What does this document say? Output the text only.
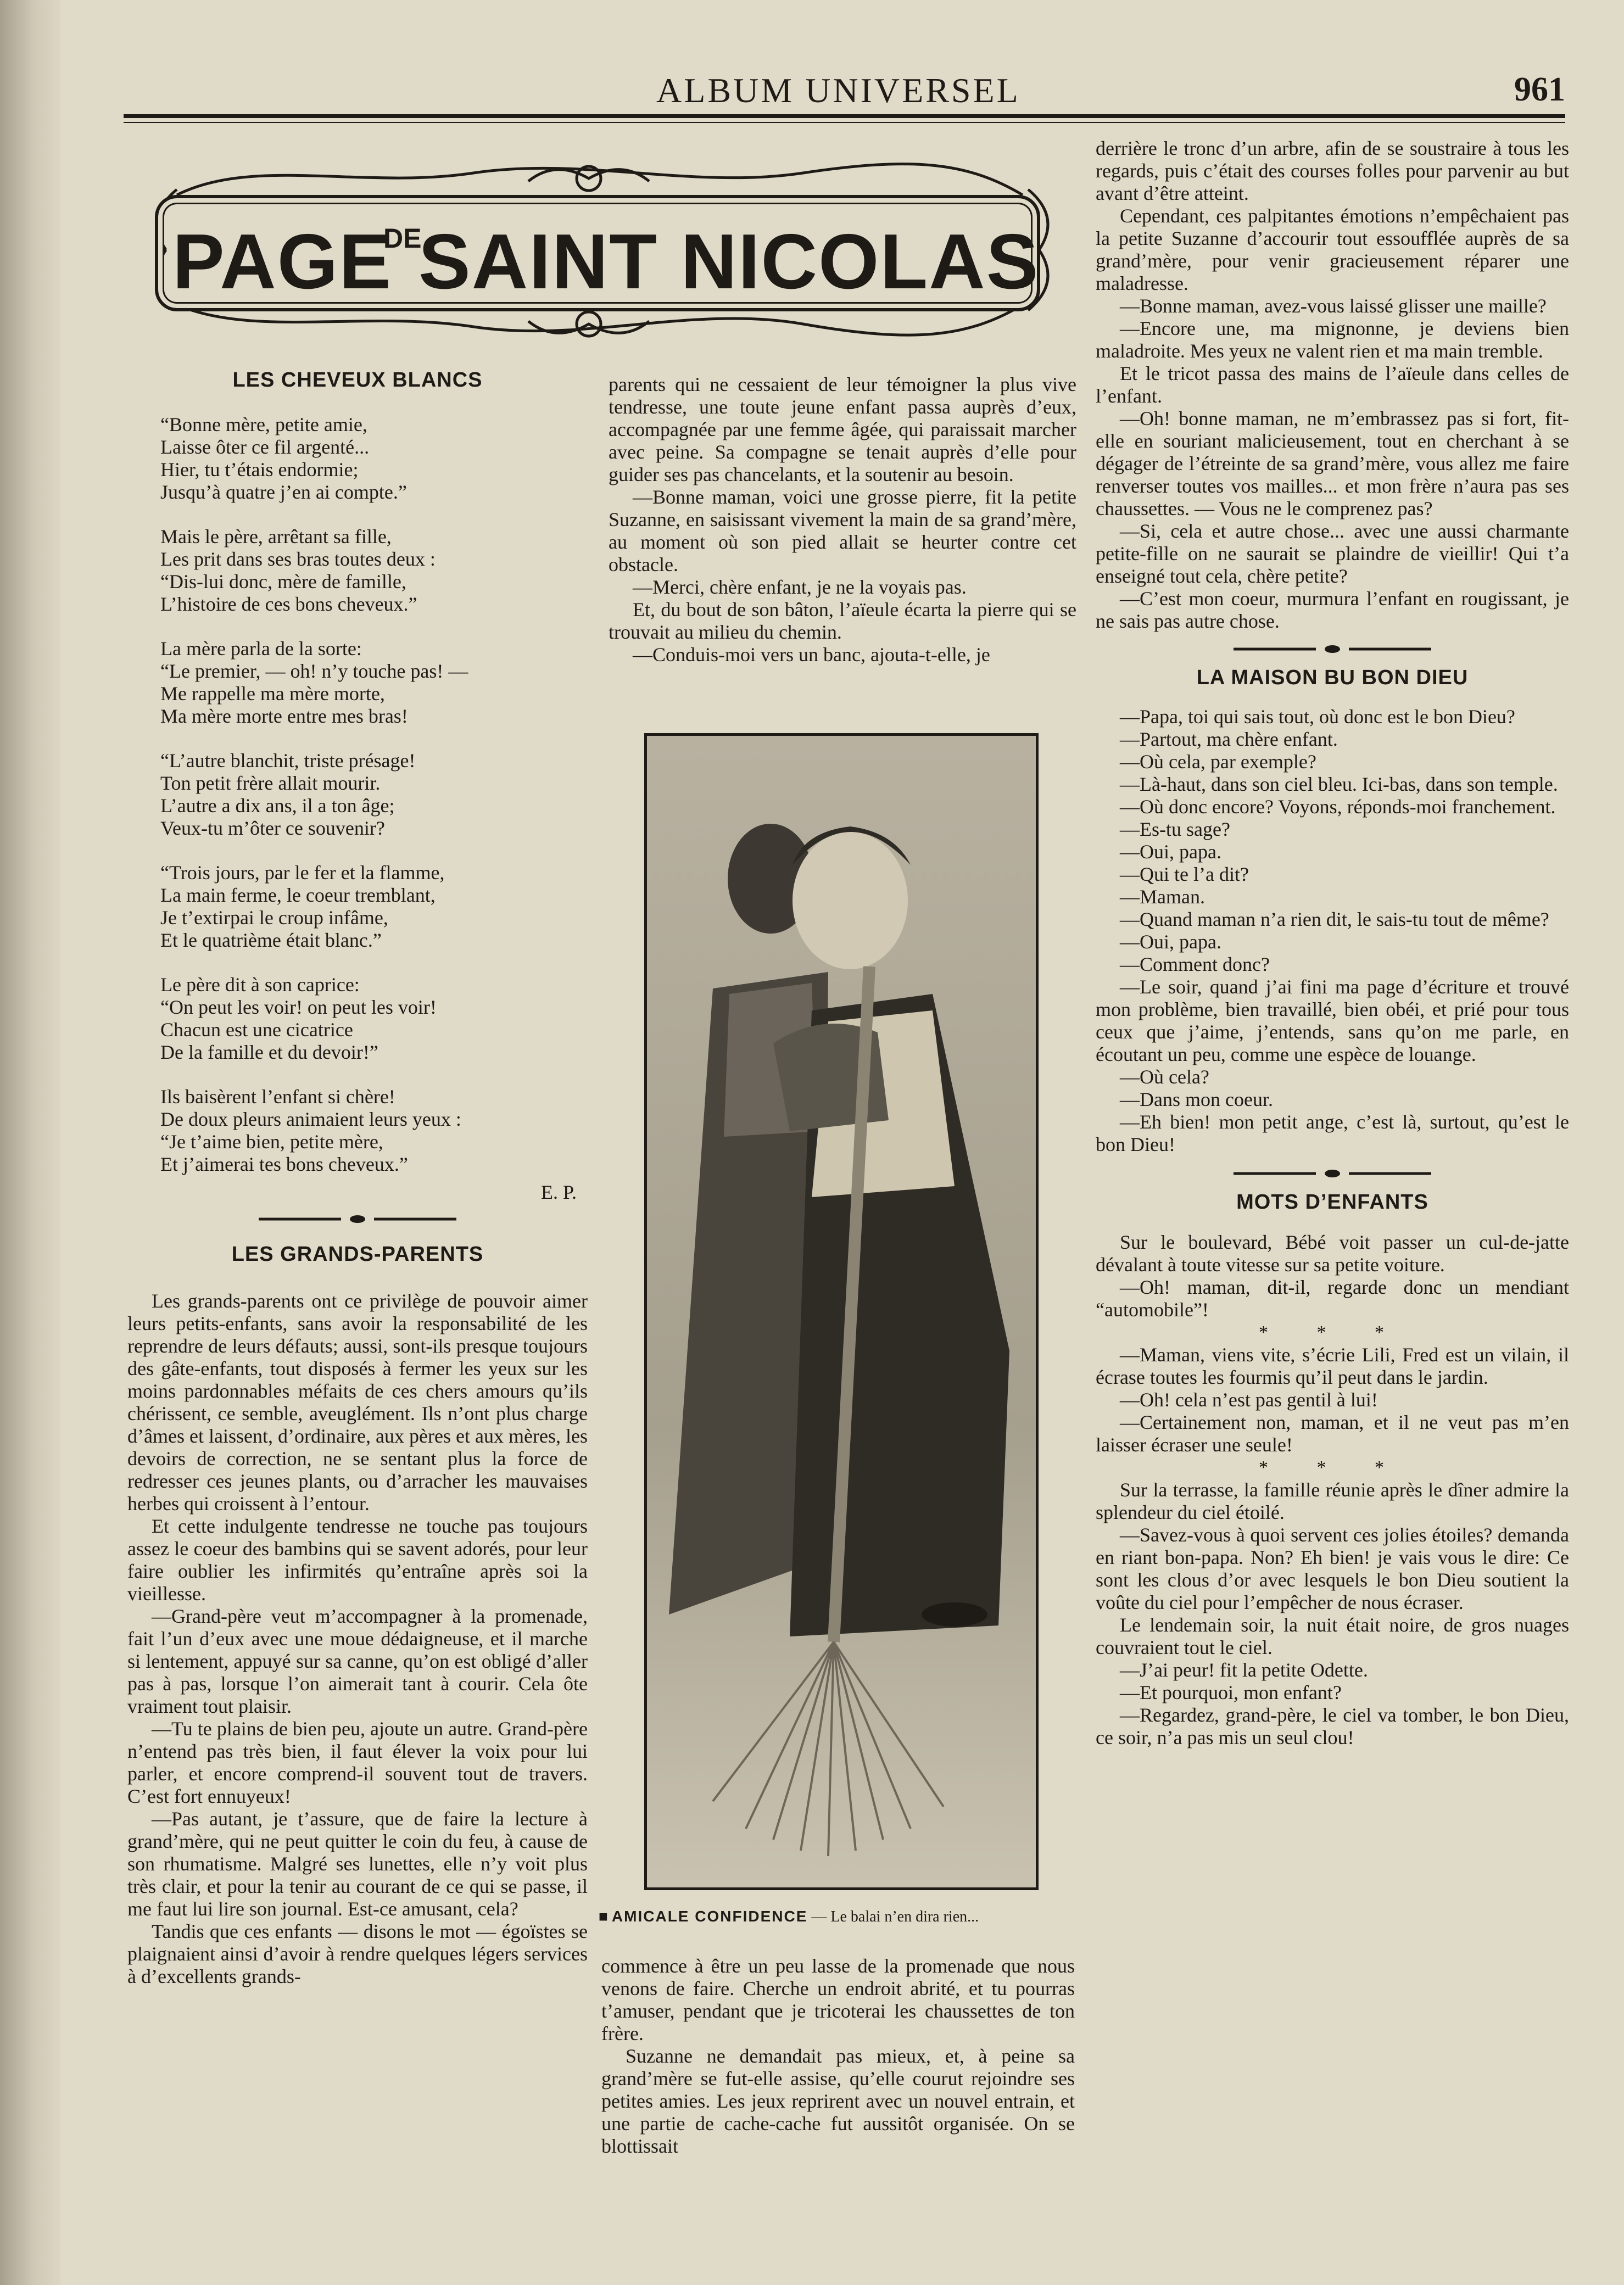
ALBUM UNIVERSEL	961
PAGE
DE
SAINT NICOLAS
LES CHEVEUX BLANCS
“Bonne mère, petite amie,
Laisse ôter ce fil argenté...
Hier, tu t’étais endormie;
Jusqu’à quatre j’en ai compte.”
Mais le père, arrêtant sa fille,
Les prit dans ses bras toutes deux :
“Dis-lui donc, mère de famille,
L’histoire de ces bons cheveux.”
La mère parla de la sorte:
“Le premier, — oh! n’y touche pas! —
Me rappelle ma mère morte,
Ma mère morte entre mes bras!
“L’autre blanchit, triste présage!
Ton petit frère allait mourir.
L’autre a dix ans, il a ton âge;
Veux-tu m’ôter ce souvenir?
“Trois jours, par le fer et la flamme,
La main ferme, le coeur tremblant,
Je t’extirpai le croup infâme,
Et le quatrième était blanc.”
Le père dit à son caprice:
“On peut les voir! on peut les voir!
Chacun est une cicatrice
De la famille et du devoir!”
Ils baisèrent l’enfant si chère!
De doux pleurs animaient leurs yeux :
“Je t’aime bien, petite mère,
Et j’aimerai tes bons cheveux.”
E. P.
LES GRANDS-PARENTS

Les grands-parents ont ce privilège de pouvoir aimer leurs petits-enfants, sans avoir la responsabilité de les reprendre de leurs défauts; aussi, sont-ils presque toujours des gâte-enfants, tout disposés à fermer les yeux sur les moins pardonnables méfaits de ces chers amours qu’ils chérissent, ce semble, aveuglément. Ils n’ont plus charge d’âmes et laissent, d’ordinaire, aux pères et aux mères, les devoirs de correction, ne se sentant plus la force de redresser ces jeunes plants, ou d’arracher les mauvaises herbes qui croissent à l’entour.

Et cette indulgente tendresse ne touche pas toujours assez le coeur des bambins qui se savent adorés, pour leur faire oublier les infirmités qu’entraîne après soi la vieillesse.

—Grand-père veut m’accompagner à la promenade, fait l’un d’eux avec une moue dédaigneuse, et il marche si lentement, appuyé sur sa canne, qu’on est obligé d’aller pas à pas, lorsque l’on aimerait tant à courir. Cela ôte vraiment tout plaisir.

—Tu te plains de bien peu, ajoute un autre. Grand-père n’entend pas très bien, il faut élever la voix pour lui parler, et encore comprend-il souvent tout de travers. C’est fort ennuyeux!

—Pas autant, je t’assure, que de faire la lecture à grand’mère, qui ne peut quitter le coin du feu, à cause de son rhumatisme. Malgré ses lunettes, elle n’y voit plus très clair, et pour la tenir au courant de ce qui se passe, il me faut lui lire son journal. Est-ce amusant, cela?

Tandis que ces enfants — disons le mot — égoïstes se plaignaient ainsi d’avoir à rendre quelques légers services à d’excellents grands-

parents qui ne cessaient de leur témoigner la plus vive tendresse, une toute jeune enfant passa auprès d’eux, accompagnée par une femme âgée, qui paraissait marcher avec peine. Sa compagne se tenait auprès d’elle pour guider ses pas chancelants, et la soutenir au besoin.

—Bonne maman, voici une grosse pierre, fit la petite Suzanne, en saisissant vivement la main de sa grand’mère, au moment où son pied allait se heurter contre cet obstacle.

—Merci, chère enfant, je ne la voyais pas.

Et, du bout de son bâton, l’aïeule écarta la pierre qui se trouvait au milieu du chemin.

—Conduis-moi vers un banc, ajouta-t-elle, je

■ AMICALE CONFIDENCE — Le balai n’en dira rien...

commence à être un peu lasse de la promenade que nous venons de faire. Cherche un endroit abrité, et tu pourras t’amuser, pendant que je tricoterai les chaussettes de ton frère.

Suzanne ne demandait pas mieux, et, à peine sa grand’mère se fut-elle assise, qu’elle courut rejoindre ses petites amies. Les jeux reprirent avec un nouvel entrain, et une partie de cache-cache fut aussitôt organisée. On se blottissait

derrière le tronc d’un arbre, afin de se soustraire à tous les regards, puis c’était des courses folles pour parvenir au but avant d’être atteint.

Cependant, ces palpitantes émotions n’empêchaient pas la petite Suzanne d’accourir tout essoufflée auprès de sa grand’mère, pour venir gracieusement réparer une maladresse.

—Bonne maman, avez-vous laissé glisser une maille?

—Encore une, ma mignonne, je deviens bien maladroite. Mes yeux ne valent rien et ma main tremble.

Et le tricot passa des mains de l’aïeule dans celles de l’enfant.

—Oh! bonne maman, ne m’embrassez pas si fort, fit-elle en souriant malicieusement, tout en cherchant à se dégager de l’étreinte de sa grand’mère, vous allez me faire renverser toutes vos mailles... et mon frère n’aura pas ses chaussettes. — Vous ne le comprenez pas?

—Si, cela et autre chose... avec une aussi charmante petite-fille on ne saurait se plaindre de vieillir! Qui t’a enseigné tout cela, chère petite?

—C’est mon coeur, murmura l’enfant en rougissant, je ne sais pas autre chose.

LA MAISON BU BON DIEU

—Papa, toi qui sais tout, où donc est le bon Dieu?

—Partout, ma chère enfant.

—Où cela, par exemple?

—Là-haut, dans son ciel bleu. Ici-bas, dans son temple.

—Où donc encore? Voyons, réponds-moi franchement.

—Es-tu sage?

—Oui, papa.

—Qui te l’a dit?

—Maman.

—Quand maman n’a rien dit, le sais-tu tout de même?

—Oui, papa.

—Comment donc?

—Le soir, quand j’ai fini ma page d’écriture et trouvé mon problème, bien travaillé, bien obéi, et prié pour tous ceux que j’aime, j’entends, sans qu’on me parle, en écoutant un peu, comme une espèce de louange.

—Où cela?

—Dans mon coeur.

—Eh bien! mon petit ange, c’est là, surtout, qu’est le bon Dieu!

MOTS D’ENFANTS

Sur le boulevard, Bébé voit passer un cul-de-jatte dévalant à toute vitesse sur sa petite voiture.

—Oh! maman, dit-il, regarde donc un mendiant “automobile”!

* * *

—Maman, viens vite, s’écrie Lili, Fred est un vilain, il écrase toutes les fourmis qu’il peut dans le jardin.

—Oh! cela n’est pas gentil à lui!

—Certainement non, maman, et il ne veut pas m’en laisser écraser une seule!

* * *

Sur la terrasse, la famille réunie après le dîner admire la splendeur du ciel étoilé.

—Savez-vous à quoi servent ces jolies étoiles? demanda en riant bon-papa. Non? Eh bien! je vais vous le dire: Ce sont les clous d’or avec lesquels le bon Dieu soutient la voûte du ciel pour l’empêcher de nous écraser.

Le lendemain soir, la nuit était noire, de gros nuages couvraient tout le ciel.

—J’ai peur! fit la petite Odette.

—Et pourquoi, mon enfant?

—Regardez, grand-père, le ciel va tomber, le bon Dieu, ce soir, n’a pas mis un seul clou!
